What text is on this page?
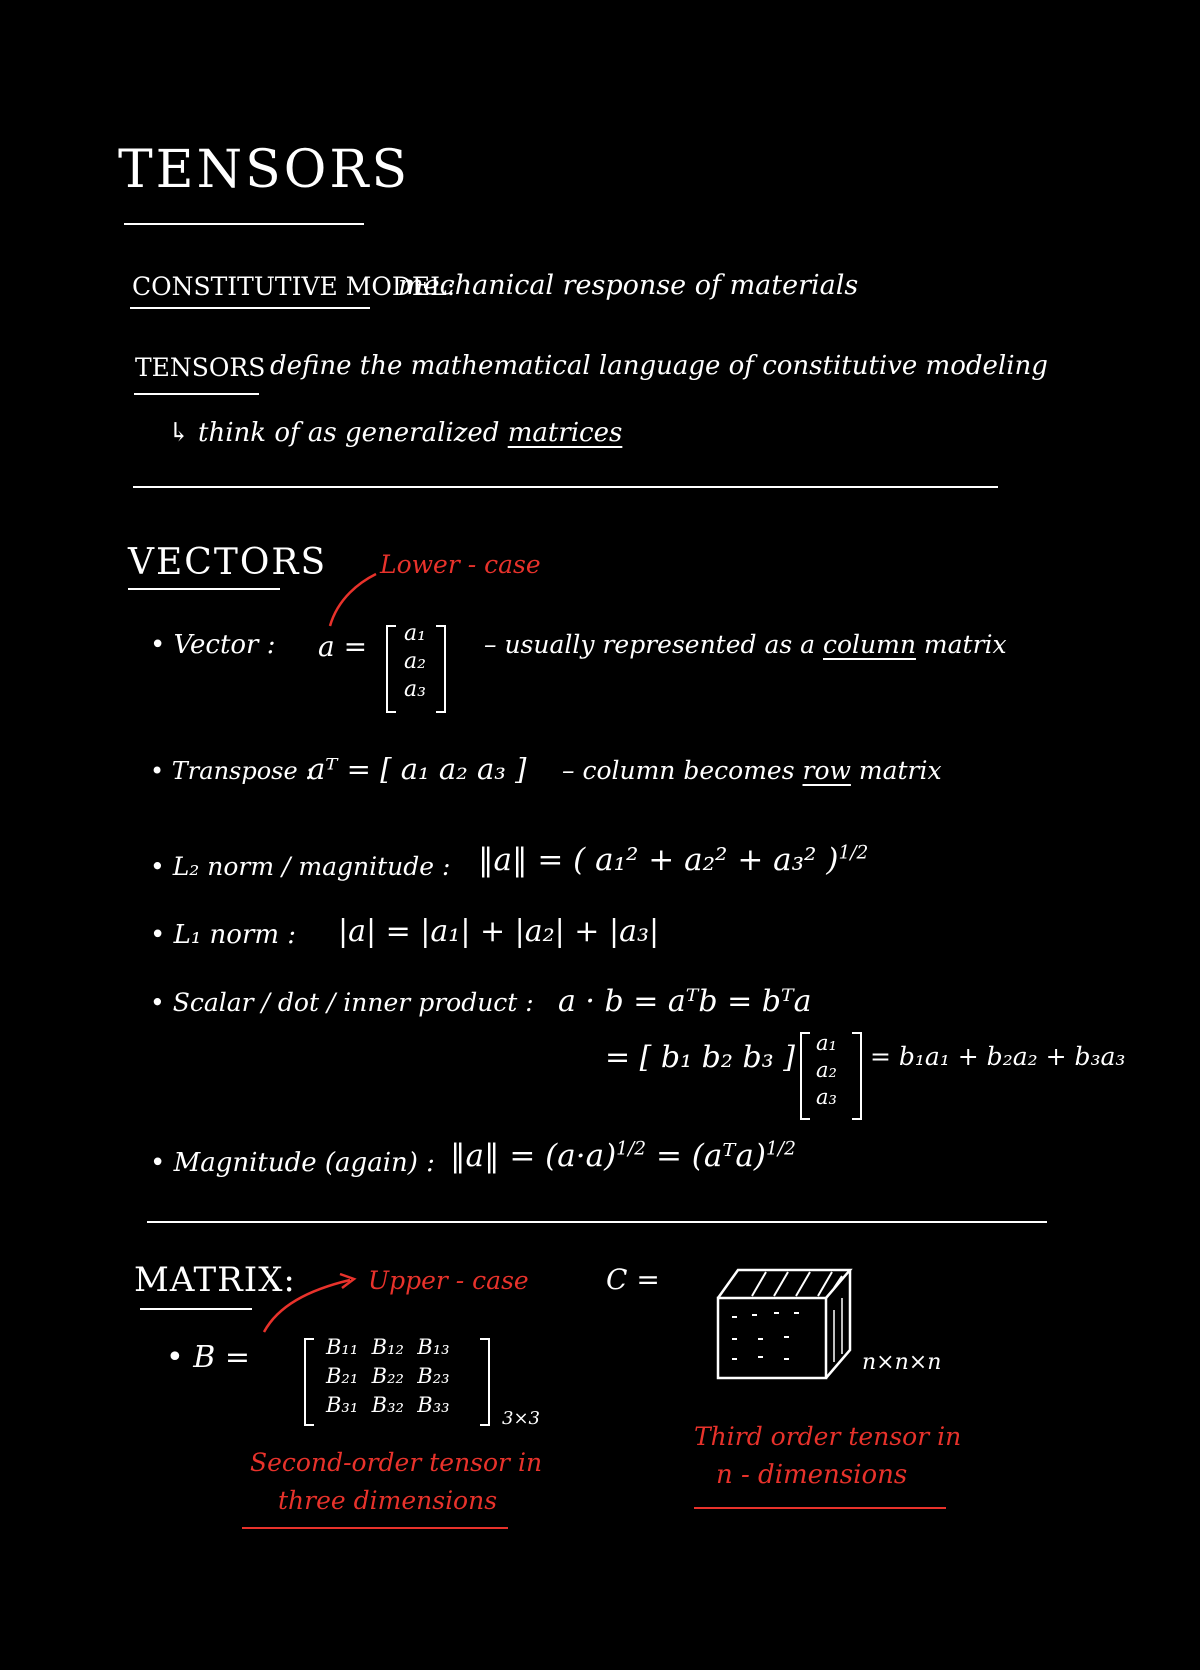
TENSORS
CONSTITUTIVE MODEL:
mechanical response of materials
TENSORS define the mathematical language of constitutive modeling
↳ think of as generalized matrices
VECTORS Lower - case
• Vector : a = a₁
a₂
a₃
– usually represented as a column matrix
• Transpose :
aᵀ = [ a₁ a₂ a₃ ] – column becomes row matrix
• L₂ norm / magnitude : ‖a‖ = ( a₁² + a₂² + a₃² )$^{1/2}$
• L₁ norm : |a| = |a₁| + |a₂| + |a₃|
• Scalar / dot / inner product : a · b = aᵀb = bᵀa
= [ b₁ b₂ b₃ ] a₁
a₂
a₃
= b₁a₁ + b₂a₂ + b₃a₃
• Magnitude (again) : ‖a‖ = $(a\cdot a)^{1/2}$ = (aᵀa)$^{1/2}$
MATRIX:	Upper - case
• B =	B₁₁ B₁₂ B₁₃
B₂₁ B₂₂ B₂₃
B₃₁ B₃₂ B₃₃
3×3
Second-order tensor in
three dimensions
C =
n×n×n
Third order tensor in
n - dimensions
